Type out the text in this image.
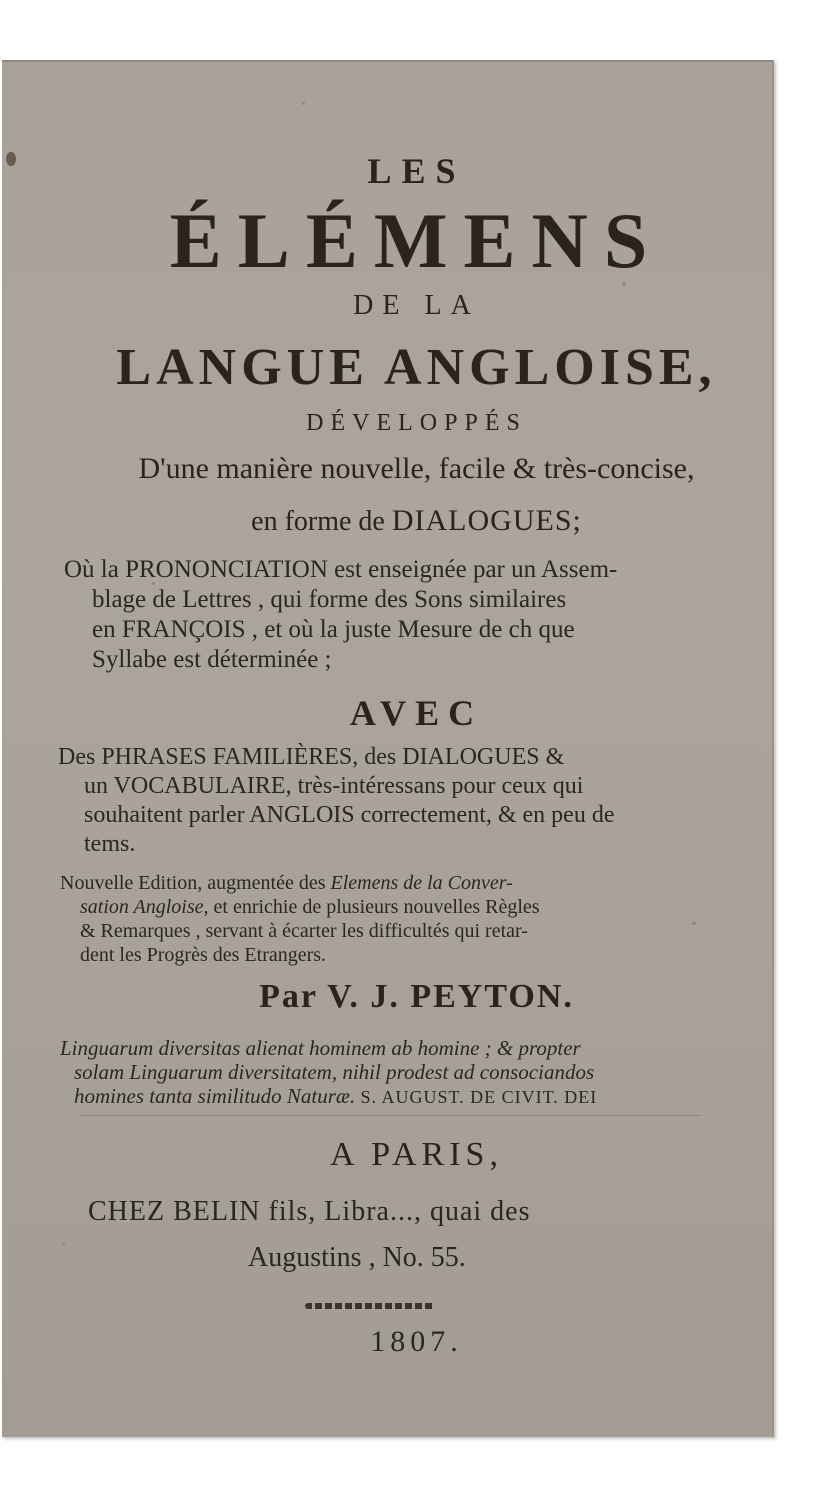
LES
ÉLÉMENS
DE LA
LANGUE ANGLOISE,
DÉVELOPPÉS
D'une manière nouvelle, facile & très-concise,
en forme de DIALOGUES;
Où la PRONONCIATION est enseignée par un Assem-
blage de Lettres , qui forme des Sons similaires
en FRANÇOIS , et où la juste Mesure de ch que
Syllabe est déterminée ;
AVEC
Des PHRASES FAMILIÈRES, des DIALOGUES &
un VOCABULAIRE, très-intéressans pour ceux qui
souhaitent parler ANGLOIS correctement, & en peu de
tems.
Nouvelle Edition, augmentée des Elemens de la Conver-
sation Angloise, et enrichie de plusieurs nouvelles Règles
& Remarques , servant à écarter les difficultés qui retar-
dent les Progrès des Etrangers.
Par V. J. PEYTON.
Linguarum diversitas alienat hominem ab homine ; & propter
solam Linguarum diversitatem, nihil prodest ad consociandos
homines tanta similitudo Naturæ. S. AUGUST. DE CIVIT. DEI
A PARIS,
CHEZ BELIN fils, Libra..., quai des
Augustins , No. 55.
1807.
